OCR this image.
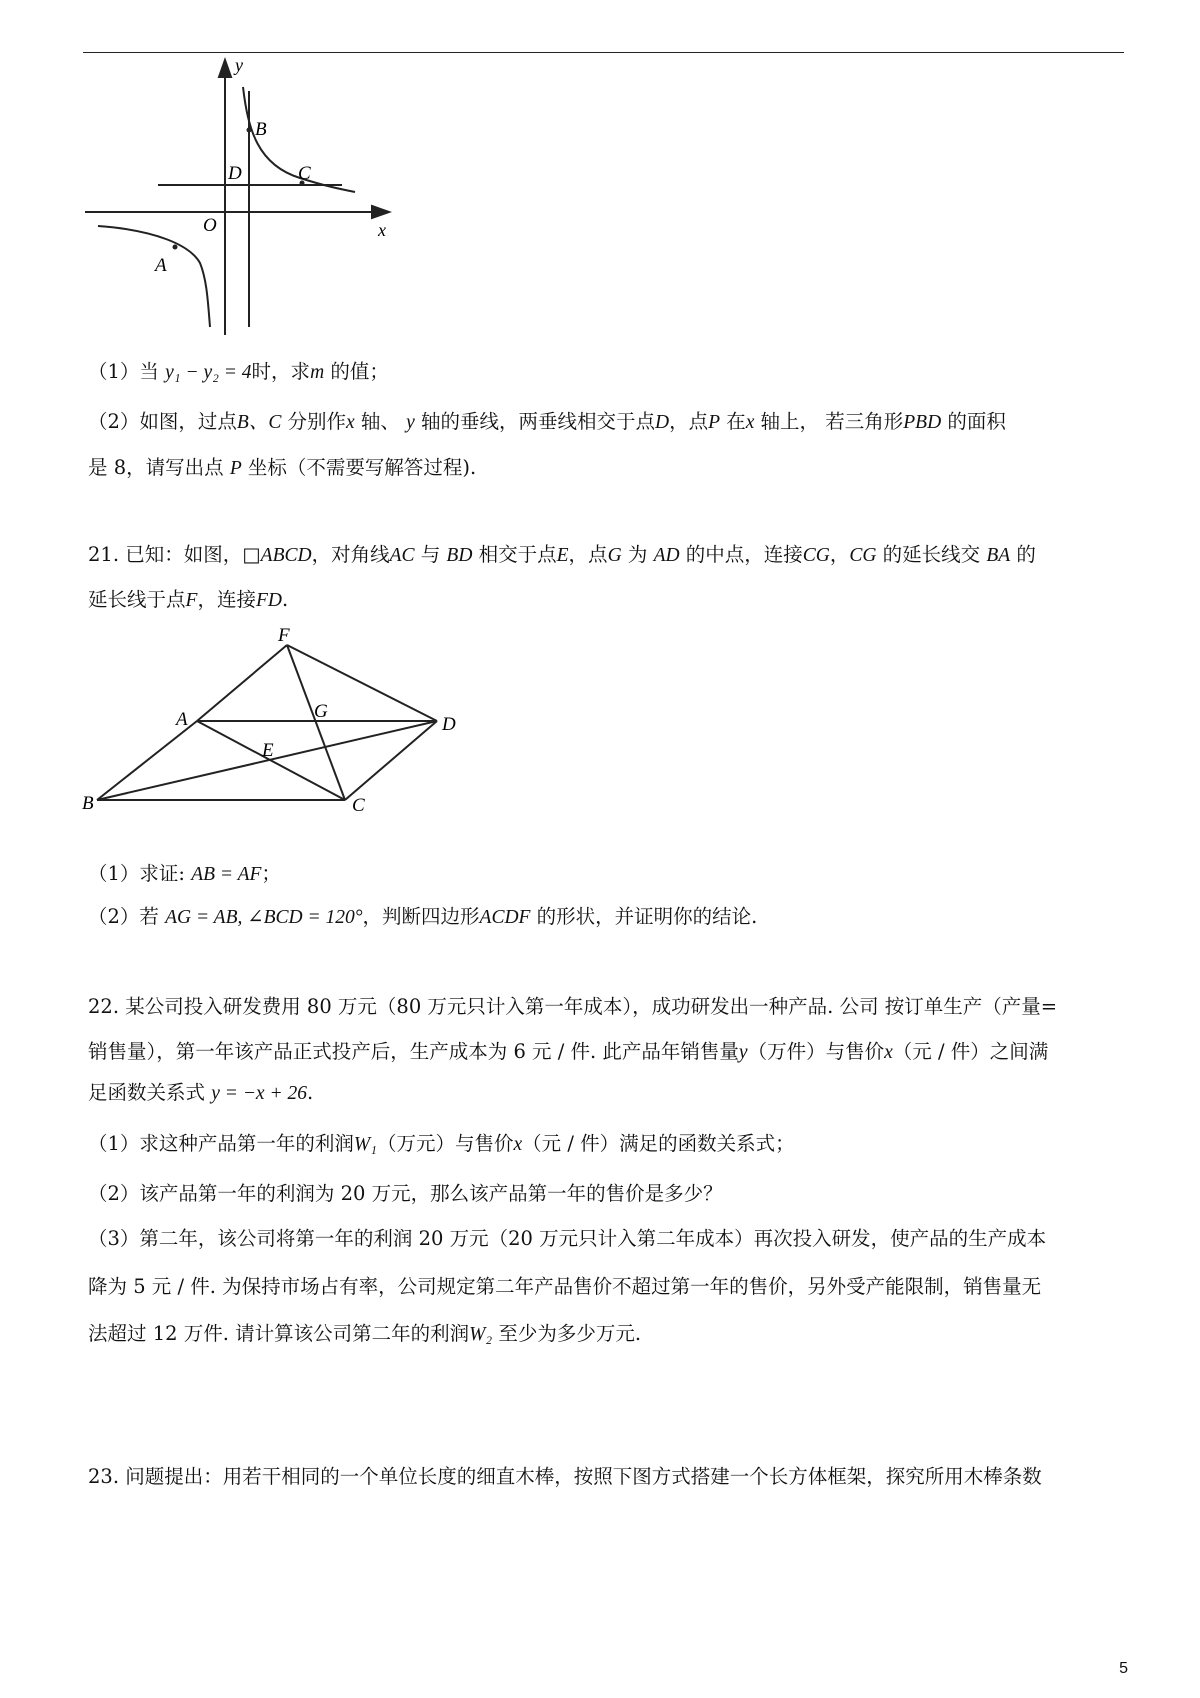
y
x
O
A
B
C
D
（1）当 y₁ − y₂ = 4时，求m 的值；
（2）如图，过点B、C 分别作x 轴、 y 轴的垂线，两垂线相交于点D，点P 在x 轴上， 若三角形PBD 的面积
是 8，请写出点 P 坐标（不需要写解答过程).
21. 已知：如图，□ABCD，对角线AC 与 BD 相交于点E，点G 为 AD 的中点，连接CG，CG 的延长线交 BA 的
延长线于点F，连接FD.
F
A	G
D
E
B	C
（1）求证: AB = AF；
（2）若 AG = AB, ∠BCD = 120°，判断四边形ACDF 的形状，并证明你的结论.
22. 某公司投入研发费用 80 万元（80 万元只计入第一年成本），成功研发出一种产品. 公司 按订单生产（产量=
销售量），第一年该产品正式投产后，生产成本为 6 元 / 件. 此产品年销售量y（万件）与售价x（元 / 件）之间满
足函数关系式 y = −x + 26.
（1）求这种产品第一年的利润W₁（万元）与售价x（元 / 件）满足的函数关系式；
（2）该产品第一年的利润为 20 万元，那么该产品第一年的售价是多少？
（3）第二年，该公司将第一年的利润 20 万元（20 万元只计入第二年成本）再次投入研发，使产品的生产成本
降为 5 元 / 件. 为保持市场占有率，公司规定第二年产品售价不超过第一年的售价，另外受产能限制，销售量无
法超过 12 万件. 请计算该公司第二年的利润W₂ 至少为多少万元.
23. 问题提出：用若干相同的一个单位长度的细直木棒，按照下图方式搭建一个长方体框架，探究所用木棒条数
5
